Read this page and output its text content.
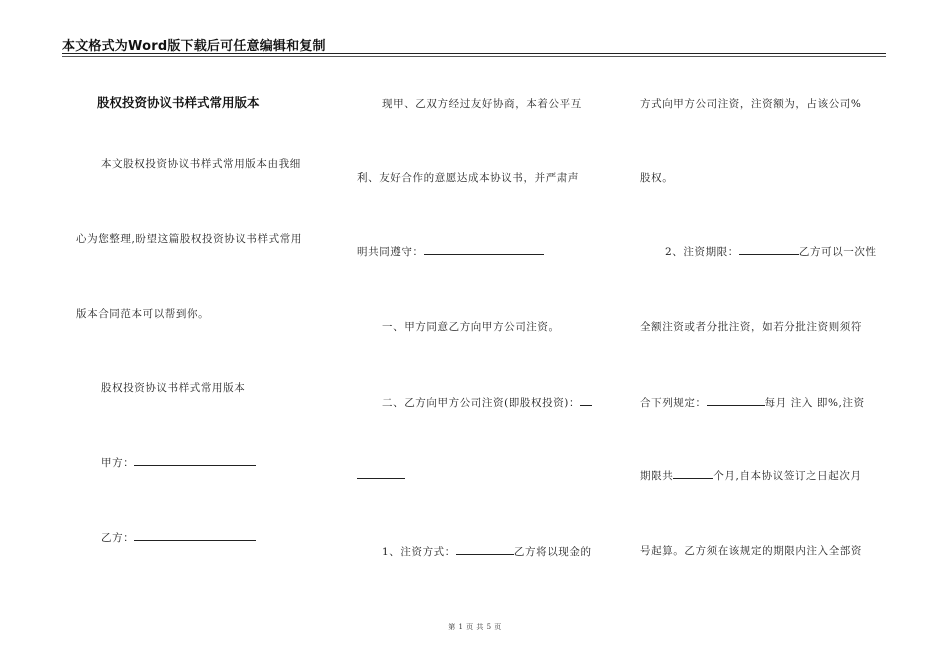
本文格式为Word版下载后可任意编辑和复制
股权投资协议书样式常用版本
本文股权投资协议书样式常用版本由我细
心为您整理,盼望这篇股权投资协议书样式常用
版本合同范本可以帮到你。
股权投资协议书样式常用版本
甲方：
乙方：
现甲、乙双方经过友好协商，本着公平互
利、友好合作的意愿达成本协议书，并严肃声
明共同遵守：
一、甲方同意乙方向甲方公司注资。
二、乙方向甲方公司注资(即股权投资)：
1、注资方式：	乙方将以现金的
方式向甲方公司注资，注资额为，占该公司%
股权。
2、注资期限：	乙方可以一次性
全额注资或者分批注资，如若分批注资则须符
合下列规定：	每月 注入 即%,注资
期限共	个月,自本协议签订之日起次月
号起算。乙方须在该规定的期限内注入全部资
第 1 页 共 5 页
